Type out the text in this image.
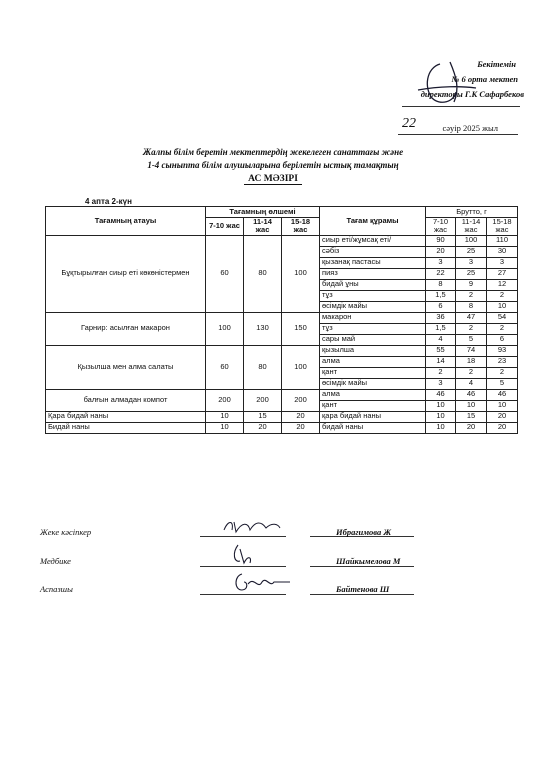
Бекітемін
№ 6 орта мектеп
директоры Г.К Сафарбеков
22	сәуір 2025 жыл
Жалпы білім беретін мектептердің жекелеген санаттағы және
1-4 сыныпта білім алушыларына берілетін ыстық тамақтың
АС МӘЗІРІ
4 апта 2-күн
Тағамның атауы	Тағамның өлшемі			Тағам құрамы	Брутто, г		
	7-10 жас	11-14 жас	15-18 жас		7-10 жас	11-14 жас	15-18 жас
Бұқтырылған сиыр еті көкөністермен	60	80	100	сиыр еті/жұмсақ еті/	90	100	110
				сәбіз	20	25	30
				қызанақ пастасы	3	3	3
				пияз	22	25	27
				бидай ұны	8	9	12
				тұз	1,5	2	2
				өсімдік майы	6	8	10
Гарнир: асылған макарон	100	130	150	макарон	36	47	54
				тұз	1,5	2	2
				сары май	4	5	6
Қызылша мен алма салаты	60	80	100	қызылша	55	74	93
				алма	14	18	23
				қант	2	2	2
				өсімдік майы	3	4	5
балғын алмадан компот	200	200	200	алма	46	46	46
				қант	10	10	10
Қара бидай наны	10	15	20	қара бидай наны	10	15	20
Бидай наны	10	20	20	бидай наны	10	20	20
Жеке кәсіпкер	Ибрагимова Ж
Медбике	Шайкымелова М
Аспазшы	Байтенова Ш
